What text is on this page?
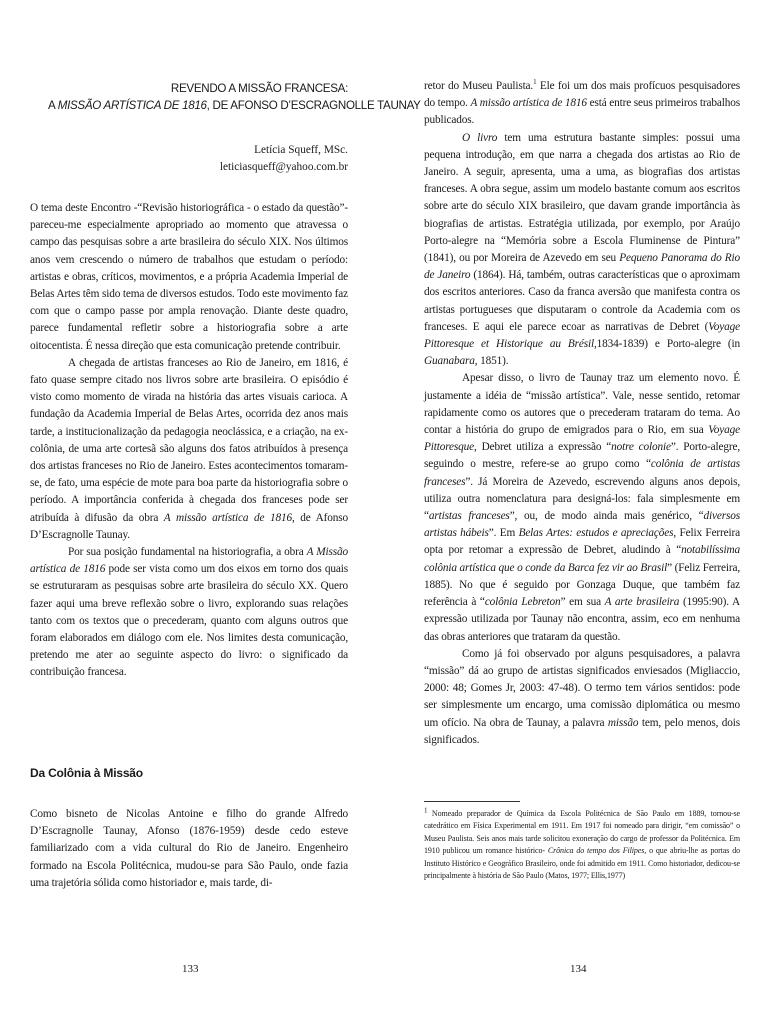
REVENDO A MISSÃO FRANCESA:
A MISSÃO ARTÍSTICA DE 1816, DE AFONSO D’ESCRAGNOLLE TAUNAY
Letícia Squeff, MSc.
leticiasqueff@yahoo.com.br

O tema deste Encontro -“Revisão historiográfica - o estado da questão”- pareceu-me especialmente apropriado ao momento que atravessa o campo das pesquisas sobre a arte brasileira do século XIX. Nos últimos anos vem crescendo o número de trabalhos que estudam o período: artistas e obras, críticos, movimentos, e a própria Academia Imperial de Belas Artes têm sido tema de diversos estudos. Todo este movimento faz com que o campo passe por ampla renovação. Diante deste quadro, parece fundamental refletir sobre a historiografia sobre a arte oitocentista. É nessa direção que esta comunicação pretende contribuir.

A chegada de artistas franceses ao Rio de Janeiro, em 1816, é fato quase sempre citado nos livros sobre arte brasileira. O episódio é visto como momento de virada na história das artes visuais carioca. A fundação da Academia Imperial de Belas Artes, ocorrida dez anos mais tarde, a institucionalização da pedagogia neoclássica, e a criação, na ex-colônia, de uma arte cortesã são alguns dos fatos atribuídos à presença dos artistas franceses no Rio de Janeiro. Estes acontecimentos tomaram-se, de fato, uma espécie de mote para boa parte da historiografia sobre o período. A importância conferida à chegada dos franceses pode ser atribuída à difusão da obra A missão artística de 1816, de Afonso D’Escragnolle Taunay.

Por sua posição fundamental na historiografia, a obra A Missão artística de 1816 pode ser vista como um dos eixos em torno dos quais se estruturaram as pesquisas sobre arte brasileira do século XX. Quero fazer aqui uma breve reflexão sobre o livro, explorando suas relações tanto com os textos que o precederam, quanto com alguns outros que foram elaborados em diálogo com ele. Nos limites desta comunicação, pretendo me ater ao seguinte aspecto do livro: o significado da contribuição francesa.

Da Colônia à Missão

Como bisneto de Nicolas Antoine e filho do grande Alfredo D’Escragnolle Taunay, Afonso (1876-1959) desde cedo esteve familiarizado com a vida cultural do Rio de Janeiro. Engenheiro formado na Escola Politécnica, mudou-se para São Paulo, onde fazia uma trajetória sólida como historiador e, mais tarde, di-

133

retor do Museu Paulista.$^1$ Ele foi um dos mais profícuos pesquisadores do tempo. A missão artística de 1816 está entre seus primeiros trabalhos publicados.

O livro tem uma estrutura bastante simples: possui uma pequena introdução, em que narra a chegada dos artistas ao Rio de Janeiro. A seguir, apresenta, uma a uma, as biografias dos artistas franceses. A obra segue, assim um modelo bastante comum aos escritos sobre arte do século XIX brasileiro, que davam grande importância às biografias de artistas. Estratégia utilizada, por exemplo, por Araújo Porto-alegre na “Memória sobre a Escola Fluminense de Pintura” (1841), ou por Moreira de Azevedo em seu Pequeno Panorama do Rio de Janeiro (1864). Há, também, outras características que o aproximam dos escritos anteriores. Caso da franca aversão que manifesta contra os artistas portugueses que disputaram o controle da Academia com os franceses. E aqui ele parece ecoar as narrativas de Debret (Voyage Pittoresque et Historique au Brésil,1834-1839) e Porto-alegre (in Guanabara, 1851).

Apesar disso, o livro de Taunay traz um elemento novo. É justamente a idéia de “missão artística”. Vale, nesse sentido, retomar rapidamente como os autores que o precederam trataram do tema. Ao contar a história do grupo de emigrados para o Rio, em sua Voyage Pittoresque, Debret utiliza a expressão “notre colonie”. Porto-alegre, seguindo o mestre, refere-se ao grupo como “colônia de artistas franceses”. Já Moreira de Azevedo, escrevendo alguns anos depois, utiliza outra nomenclatura para designá-los: fala simplesmente em “artistas franceses”, ou, de modo ainda mais genérico, “diversos artistas hábeis”. Em Belas Artes: estudos e apreciações, Felix Ferreira opta por retomar a expressão de Debret, aludindo à “notabilíssima colônia artística que o conde da Barca fez vir ao Brasil” (Feliz Ferreira, 1885). No que é seguido por Gonzaga Duque, que também faz referência à “colônia Lebreton” em sua A arte brasileira (1995:90). A expressão utilizada por Taunay não encontra, assim, eco em nenhuma das obras anteriores que trataram da questão.

Como já foi observado por alguns pesquisadores, a palavra “missão” dá ao grupo de artistas significados enviesados (Migliaccio, 2000: 48; Gomes Jr, 2003: 47-48). O termo tem vários sentidos: pode ser simplesmente um encargo, uma comissão diplomática ou mesmo um ofício. Na obra de Taunay, a palavra missão tem, pelo menos, dois significados.

$^1$ Nomeado preparador de Química da Escola Politécnica de São Paulo em 1889, tornou-se catedrático em Física Experimental em 1911. Em 1917 foi nomeado para dirigir, “em comissão” o Museu Paulista. Seis anos mais tarde solicitou exoneração do cargo de professor da Politécnica. Em 1910 publicou um romance histórico- Crônica do tempo dos Filipes, o que abriu-lhe as portas do Instituto Histórico e Geográfico Brasileiro, onde foi admitido em 1911. Como historiador, dedicou-se principalmente à história de São Paulo (Matos, 1977; Ellis,1977)
134
